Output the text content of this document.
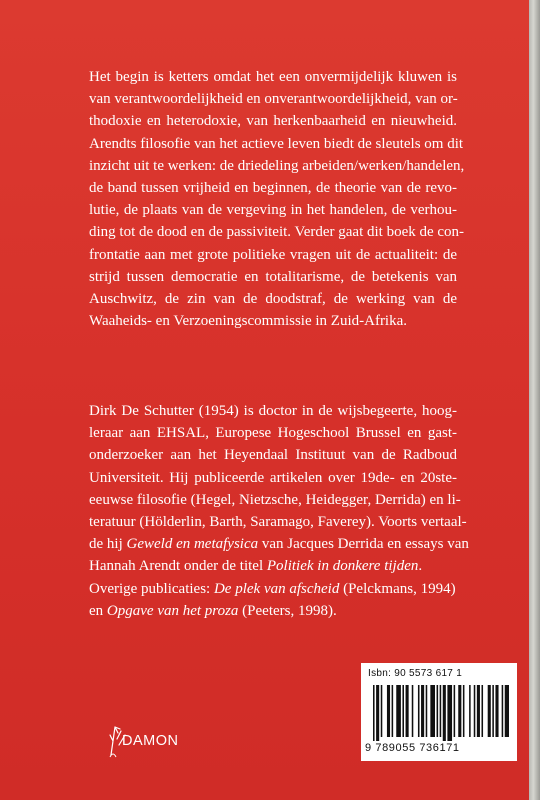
Het begin is ketters omdat het een onvermijdelijk kluwen is
van verantwoordelijkheid en onverantwoordelijkheid, van or-
thodoxie en heterodoxie, van herkenbaarheid en nieuwheid.
Arendts filosofie van het actieve leven biedt de sleutels om dit
inzicht uit te werken: de driedeling arbeiden/werken/handelen,
de band tussen vrijheid en beginnen, de theorie van de revo-
lutie, de plaats van de vergeving in het handelen, de verhou-
ding tot de dood en de passiviteit. Verder gaat dit boek de con-
frontatie aan met grote politieke vragen uit de actualiteit: de
strijd tussen democratie en totalitarisme, de betekenis van
Auschwitz, de zin van de doodstraf, de werking van de
Waaheids- en Verzoeningscommissie in Zuid-Afrika.
Dirk De Schutter (1954) is doctor in de wijsbegeerte, hoog-
leraar aan EHSAL, Europese Hogeschool Brussel en gast-
onderzoeker aan het Heyendaal Instituut van de Radboud
Universiteit. Hij publiceerde artikelen over 19de- en 20ste-
eeuwse filosofie (Hegel, Nietzsche, Heidegger, Derrida) en li-
teratuur (Hölderlin, Barth, Saramago, Faverey). Voorts vertaal-
de hij Geweld en metafysica van Jacques Derrida en essays van
Hannah Arendt onder de titel Politiek in donkere tijden.
Overige publicaties: De plek van afscheid (Pelckmans, 1994)
en Opgave van het proza (Peeters, 1998).
Isbn: 90 5573 617 1
9 789055 736171
DAMON
